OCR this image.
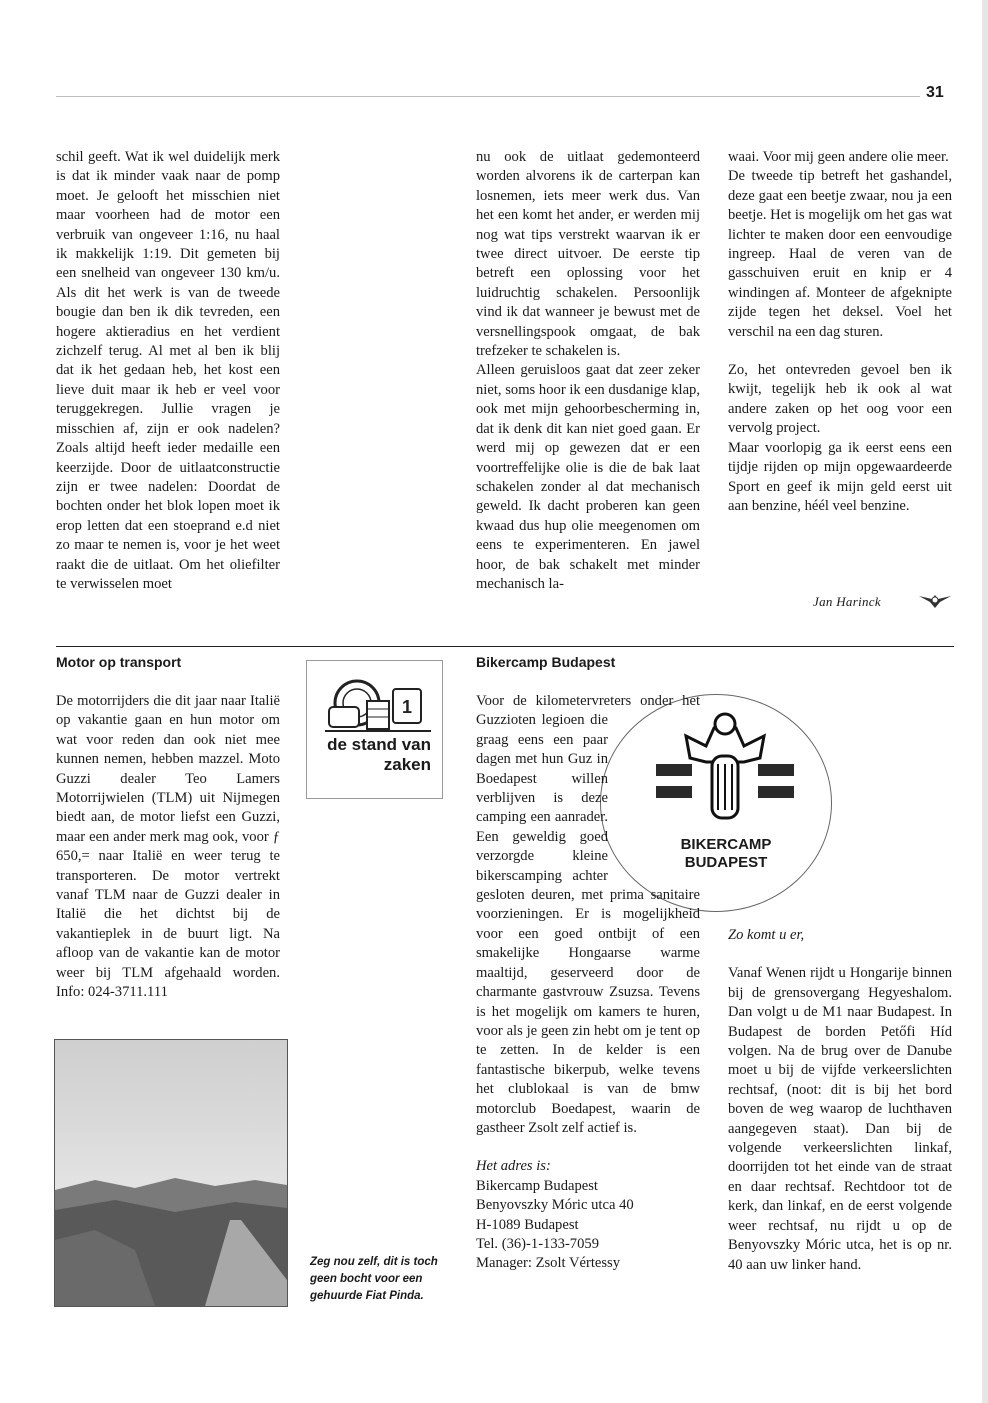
31

schil geeft. Wat ik wel duidelijk merk is dat ik minder vaak naar de pomp moet. Je gelooft het misschien niet maar voorheen had de motor een verbruik van ongeveer 1:16, nu haal ik makkelijk 1:19. Dit gemeten bij een snelheid van ongeveer 130 km/u. Als dit het werk is van de tweede bougie dan ben ik dik tevreden, een hogere aktieradius en het verdient zichzelf terug. Al met al ben ik blij dat ik het gedaan heb, het kost een lieve duit maar ik heb er veel voor teruggekregen. Jullie vragen je misschien af, zijn er ook nadelen? Zoals altijd heeft ieder medaille een keerzijde. Door de uitlaatconstructie zijn er twee nadelen: Doordat de bochten onder het blok lopen moet ik erop letten dat een stoeprand e.d niet zo maar te nemen is, voor je het weet raakt die de uitlaat. Om het oliefilter te verwisselen moet

nu ook de uitlaat gedemonteerd worden alvorens ik de carterpan kan losnemen, iets meer werk dus. Van het een komt het ander, er werden mij nog wat tips verstrekt waarvan ik er twee direct uitvoer. De eerste tip betreft een oplossing voor het luidruchtig schakelen. Persoonlijk vind ik dat wanneer je bewust met de versnellingspook omgaat, de bak trefzeker te schakelen is.

Alleen geruisloos gaat dat zeer zeker niet, soms hoor ik een dusdanige klap, ook met mijn gehoorbescherming in, dat ik denk dit kan niet goed gaan. Er werd mij op gewezen dat er een voortreffelijke olie is die de bak laat schakelen zonder al dat mechanisch geweld. Ik dacht proberen kan geen kwaad dus hup olie meegenomen om eens te experimenteren. En jawel hoor, de bak schakelt met minder mechanisch la-

waai. Voor mij geen andere olie meer.

De tweede tip betreft het gashandel, deze gaat een beetje zwaar, nou ja een beetje. Het is mogelijk om het gas wat lichter te maken door een eenvoudige ingreep. Haal de veren van de gasschuiven eruit en knip er 4 windingen af. Monteer de afgeknipte zijde tegen het deksel. Voel het verschil na een dag sturen.

Zo, het ontevreden gevoel ben ik kwijt, tegelijk heb ik ook al wat andere zaken op het oog voor een vervolg project.

Maar voorlopig ga ik eerst eens een tijdje rijden op mijn opgewaardeerde Sport en geef ik mijn geld eerst uit aan benzine, héél veel benzine.

Jan Harinck
Motor op transport

De motorrijders die dit jaar naar Italië op vakantie gaan en hun motor om wat voor reden dan ook niet mee kunnen nemen, hebben mazzel. Moto Guzzi dealer Teo Lamers Motorrijwielen (TLM) uit Nijmegen biedt aan, de motor liefst een Guzzi, maar een ander merk mag ook, voor ƒ 650,= naar Italië en weer terug te transporteren. De motor vertrekt vanaf TLM naar de Guzzi dealer in Italië die het dichtst bij de vakantieplek in de buurt ligt. Na afloop van de vakantie kan de motor weer bij TLM afgehaald worden. Info: 024-3711.111

1
de stand van zaken
Zeg nou zelf, dit is toch geen bocht voor een gehuurde Fiat Pinda.
Bikercamp Budapest
BIKERCAMP BUDAPEST

Voor de kilometervreters onder het Guzzioten legioen die graag eens een paar dagen met hun Guz in Boedapest willen verblijven is deze camping een aanrader. Een geweldig goed verzorgde kleine bikerscamping achter gesloten deuren, met prima sanitaire voorzieningen. Er is mogelijkheid voor een goed ontbijt of een smakelijke Hongaarse warme maaltijd, geserveerd door de charmante gastvrouw Zsuzsa. Tevens is het mogelijk om kamers te huren, voor als je geen zin hebt om je tent op te zetten. In de kelder is een fantastische bikerpub, welke tevens het clublokaal is van de bmw motorclub Boedapest, waarin de gastheer Zsolt zelf actief is.

Het adres is:

Bikercamp Budapest

Benyovszky Móric utca 40

H-1089 Budapest

Tel. (36)-1-133-7059

Manager: Zsolt Vértessy

Zo komt u er,

Vanaf Wenen rijdt u Hongarije binnen bij de grensovergang Hegyeshalom. Dan volgt u de M1 naar Budapest. In Budapest de borden Petőfi Híd volgen. Na de brug over de Danube moet u bij de vijfde verkeerslichten rechtsaf, (noot: dit is bij het bord boven de weg waarop de luchthaven aangegeven staat). Dan bij de volgende verkeerslichten linkaf, doorrijden tot het einde van de straat en daar rechtsaf. Rechtdoor tot de kerk, dan linkaf, en de eerst volgende weer rechtsaf, nu rijdt u op de Benyovszky Móric utca, het is op nr. 40 aan uw linker hand.
